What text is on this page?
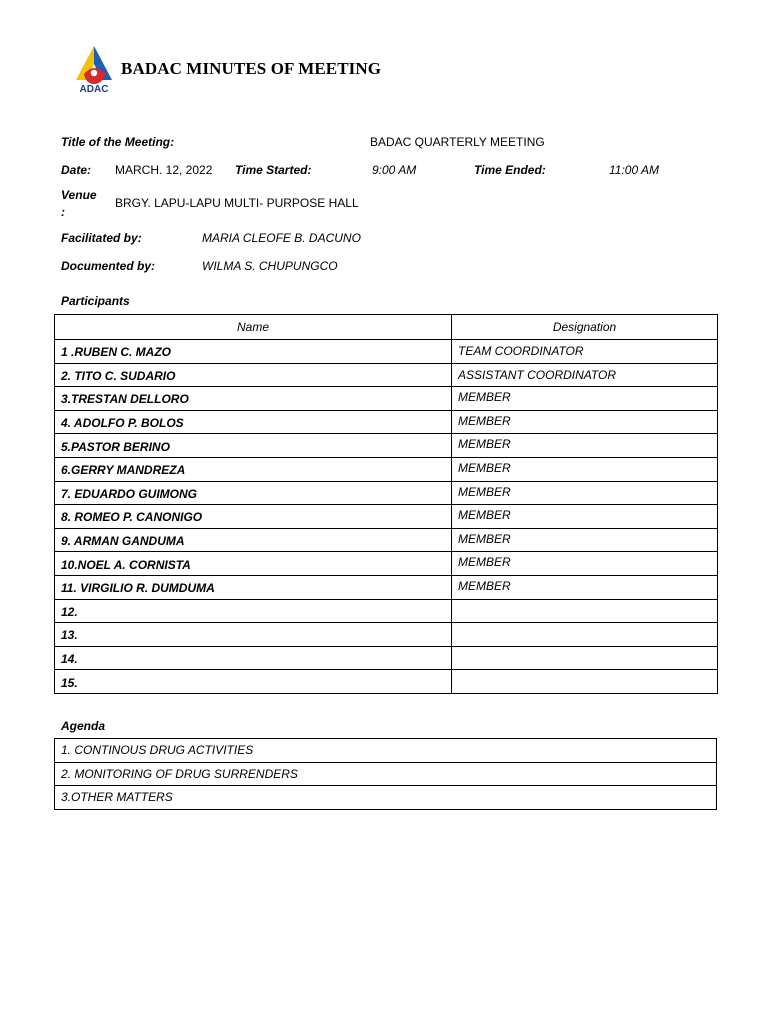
ADAC
BADAC MINUTES OF MEETING
Title of the Meeting:	BADAC QUARTERLY MEETING
Date: MARCH. 12, 2022 Time Started:	9:00 AM	Time Ended:	11:00 AM
Venue
:
BRGY. LAPU-LAPU MULTI- PURPOSE HALL
Facilitated by:	MARIA CLEOFE B. DACUNO
Documented by:	WILMA S. CHUPUNGCO
Participants
Name	Designation
1 .RUBEN C. MAZO	TEAM COORDINATOR
2. TITO C. SUDARIO	ASSISTANT COORDINATOR
3.TRESTAN DELLORO	MEMBER
4. ADOLFO P. BOLOS	MEMBER
5.PASTOR BERINO	MEMBER
6.GERRY MANDREZA	MEMBER
7. EDUARDO GUIMONG	MEMBER
8. ROMEO P. CANONIGO	MEMBER
9. ARMAN GANDUMA	MEMBER
10.NOEL A. CORNISTA	MEMBER
11. VIRGILIO R. DUMDUMA	MEMBER
12.	
13.	
14.	
15.	
Agenda
1. CONTINOUS DRUG ACTIVITIES
2. MONITORING OF DRUG SURRENDERS
3.OTHER MATTERS
